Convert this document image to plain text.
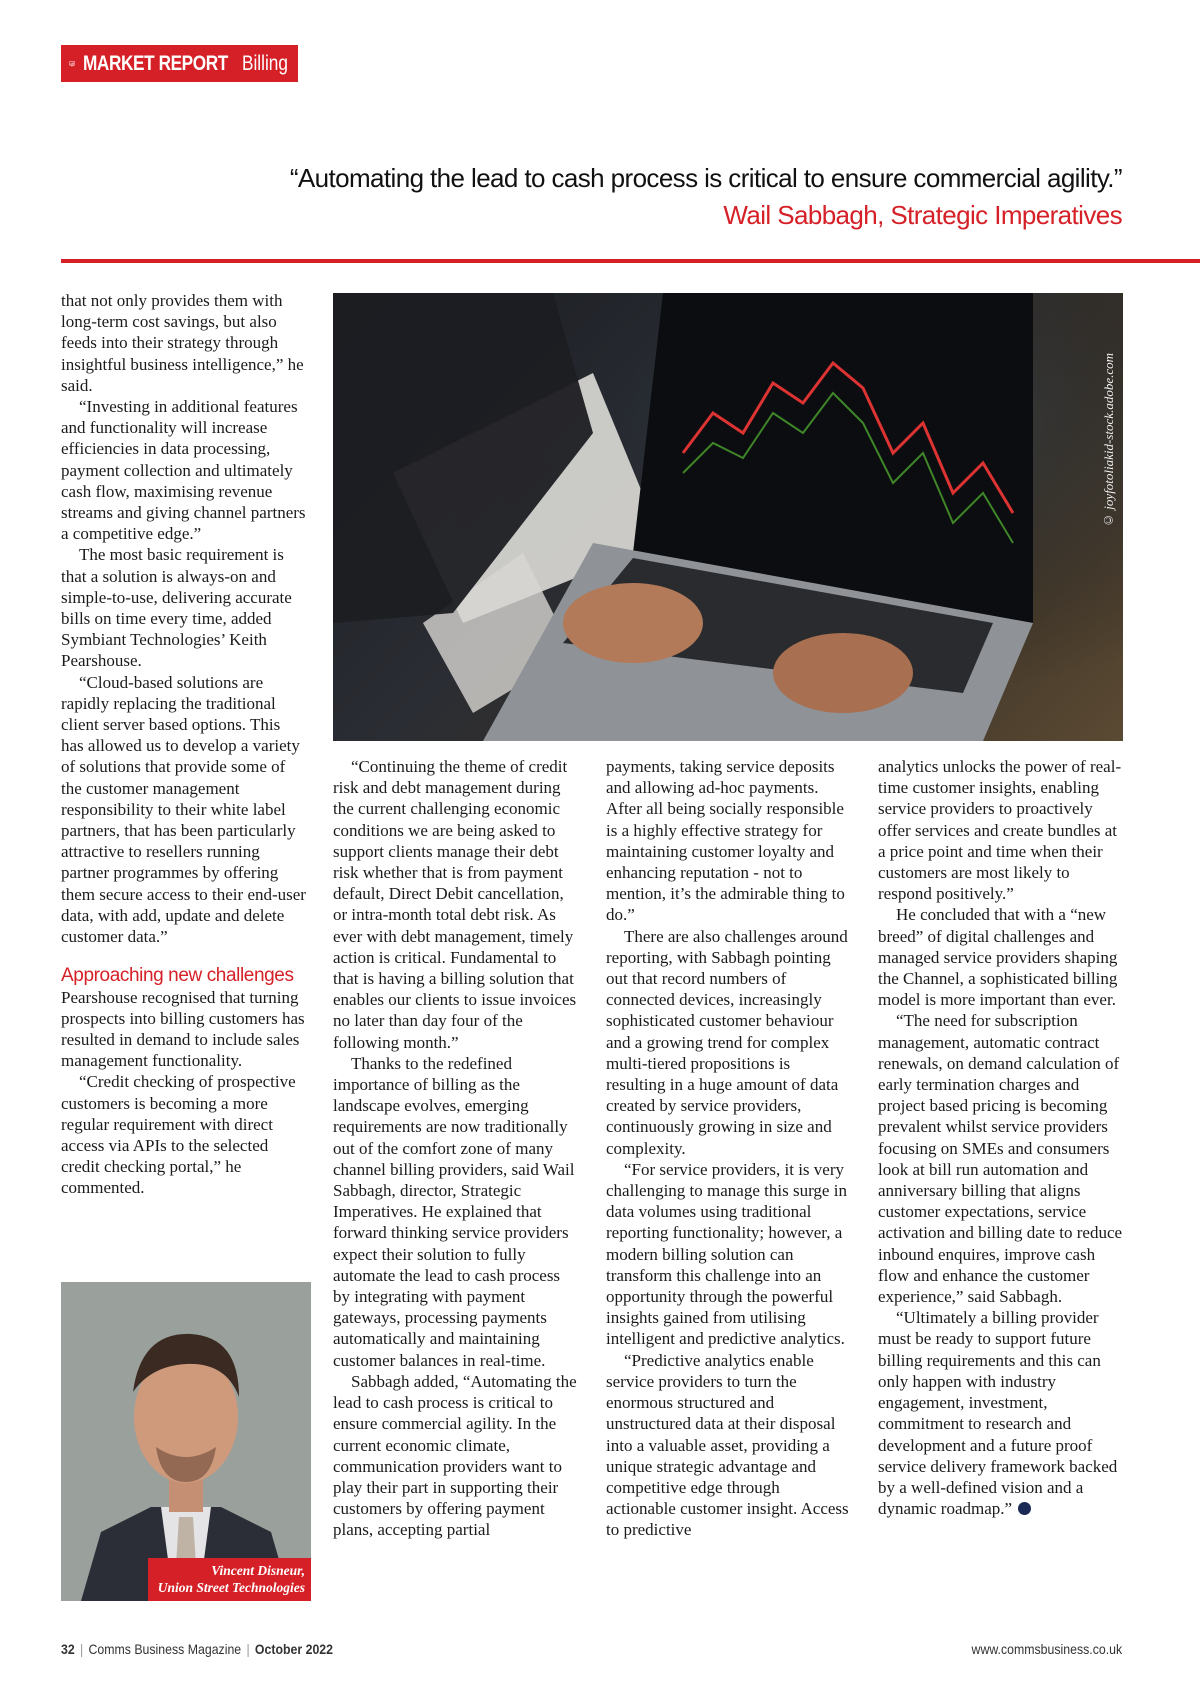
MARKET REPORT Billing
“Automating the lead to cash process is critical to ensure commercial agility.”
Wail Sabbagh, Strategic Imperatives

that not only provides them with long-term cost savings, but also feeds into their strategy through insightful business intelligence,” he said.

“Investing in additional features and functionality will increase efficiencies in data processing, payment collection and ultimately cash flow, maximising revenue streams and giving channel partners a competitive edge.”

The most basic requirement is that a solution is always-on and simple-to-use, delivering accurate bills on time every time, added Symbiant Technologies’ Keith Pearshouse.

“Cloud-based solutions are rapidly replacing the traditional client server based options. This has allowed us to develop a variety of solutions that provide some of the customer management responsibility to their white label partners, that has been particularly attractive to resellers running partner programmes by offering them secure access to their end-user data, with add, update and delete customer data.”

Approaching new challenges

Pearshouse recognised that turning prospects into billing customers has resulted in demand to include sales management functionality.

“Credit checking of prospective customers is becoming a more regular requirement with direct access via APIs to the selected credit checking portal,” he commented.

© joyfotoliakid-stock.adobe.com

“Continuing the theme of credit risk and debt management during the current challenging economic conditions we are being asked to support clients manage their debt risk whether that is from payment default, Direct Debit cancellation, or intra-month total debt risk. As ever with debt management, timely action is critical. Fundamental to that is having a billing solution that enables our clients to issue invoices no later than day four of the following month.”

Thanks to the redefined importance of billing as the landscape evolves, emerging requirements are now traditionally out of the comfort zone of many channel billing providers, said Wail Sabbagh, director, Strategic Imperatives. He explained that forward thinking service providers expect their solution to fully automate the lead to cash process by integrating with payment gateways, processing payments automatically and maintaining customer balances in real-time.

Sabbagh added, “Automating the lead to cash process is critical to ensure commercial agility. In the current economic climate, communication providers want to play their part in supporting their customers by offering payment plans, accepting partial

payments, taking service deposits and allowing ad-hoc payments. After all being socially responsible is a highly effective strategy for maintaining customer loyalty and enhancing reputation - not to mention, it’s the admirable thing to do.”

There are also challenges around reporting, with Sabbagh pointing out that record numbers of connected devices, increasingly sophisticated customer behaviour and a growing trend for complex multi-tiered propositions is resulting in a huge amount of data created by service providers, continuously growing in size and complexity.

“For service providers, it is very challenging to manage this surge in data volumes using traditional reporting functionality; however, a modern billing solution can transform this challenge into an opportunity through the powerful insights gained from utilising intelligent and predictive analytics.

“Predictive analytics enable service providers to turn the enormous structured and unstructured data at their disposal into a valuable asset, providing a unique strategic advantage and competitive edge through actionable customer insight. Access to predictive

analytics unlocks the power of real-time customer insights, enabling service providers to proactively offer services and create bundles at a price point and time when their customers are most likely to respond positively.”

He concluded that with a “new breed” of digital challenges and managed service providers shaping the Channel, a sophisticated billing model is more important than ever.

“The need for subscription management, automatic contract renewals, on demand calculation of early termination charges and project based pricing is becoming prevalent whilst service providers focusing on SMEs and consumers look at bill run automation and anniversary billing that aligns customer expectations, service activation and billing date to reduce inbound enquires, improve cash flow and enhance the customer experience,” said Sabbagh.

“Ultimately a billing provider must be ready to support future billing requirements and this can only happen with industry engagement, investment, commitment to research and development and a future proof service delivery framework backed by a well-defined vision and a dynamic roadmap.”

Vincent Disneur,
Union Street Technologies
32 | Comms Business Magazine | October 2022	www.commsbusiness.co.uk
